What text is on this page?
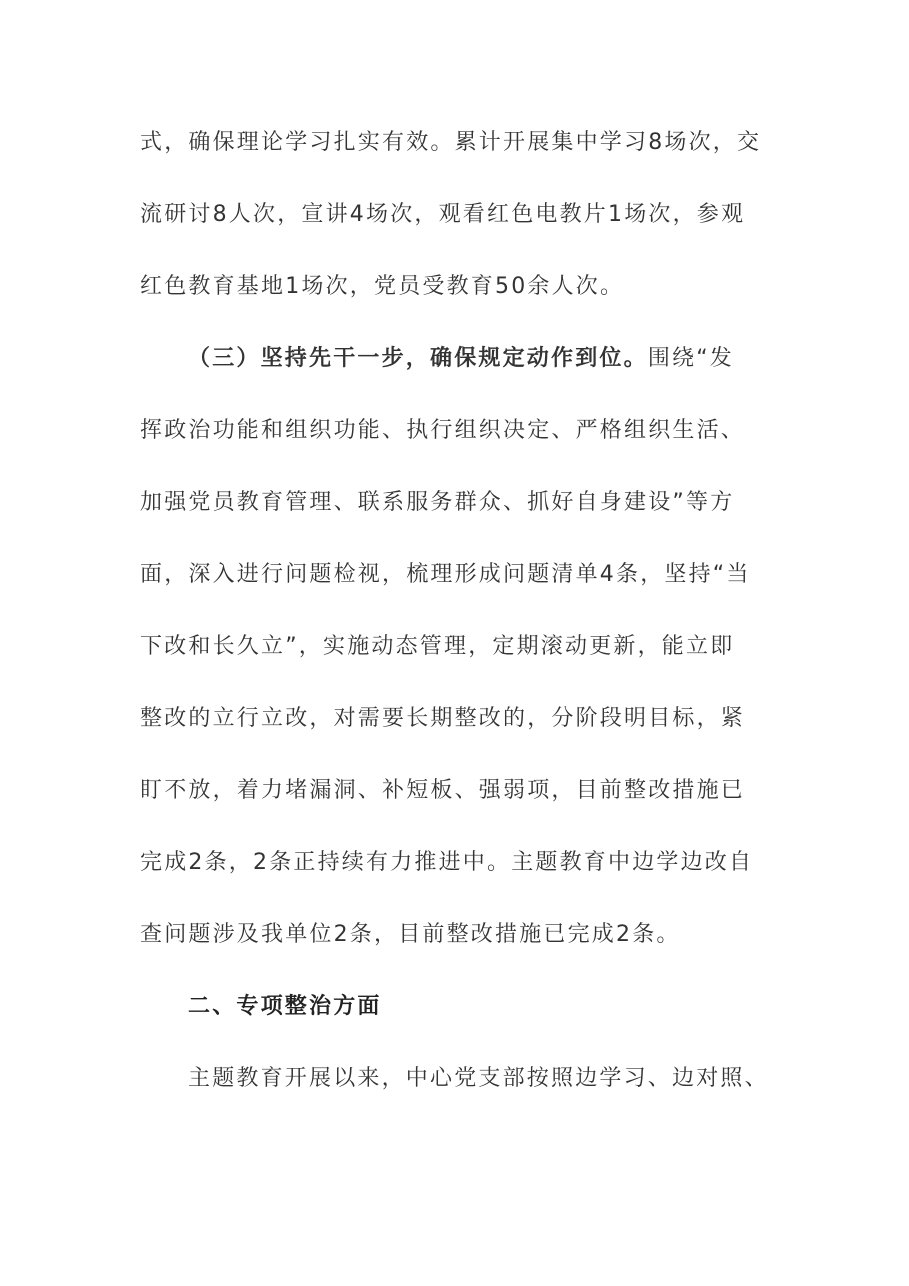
式，确保理论学习扎实有效。累计开展集中学习8场次，交
流研讨8人次，宣讲4场次，观看红色电教片1场次，参观
红色教育基地1场次，党员受教育50余人次。
（三）坚持先干一步，确保规定动作到位。围绕“发
挥政治功能和组织功能、执行组织决定、严格组织生活、
加强党员教育管理、联系服务群众、抓好自身建设”等方
面，深入进行问题检视，梳理形成问题清单4条，坚持“当
下改和长久立”，实施动态管理，定期滚动更新，能立即
整改的立行立改，对需要长期整改的，分阶段明目标，紧
盯不放，着力堵漏洞、补短板、强弱项，目前整改措施已
完成2条，2条正持续有力推进中。主题教育中边学边改自
查问题涉及我单位2条，目前整改措施已完成2条。
二、专项整治方面
主题教育开展以来，中心党支部按照边学习、边对照、
